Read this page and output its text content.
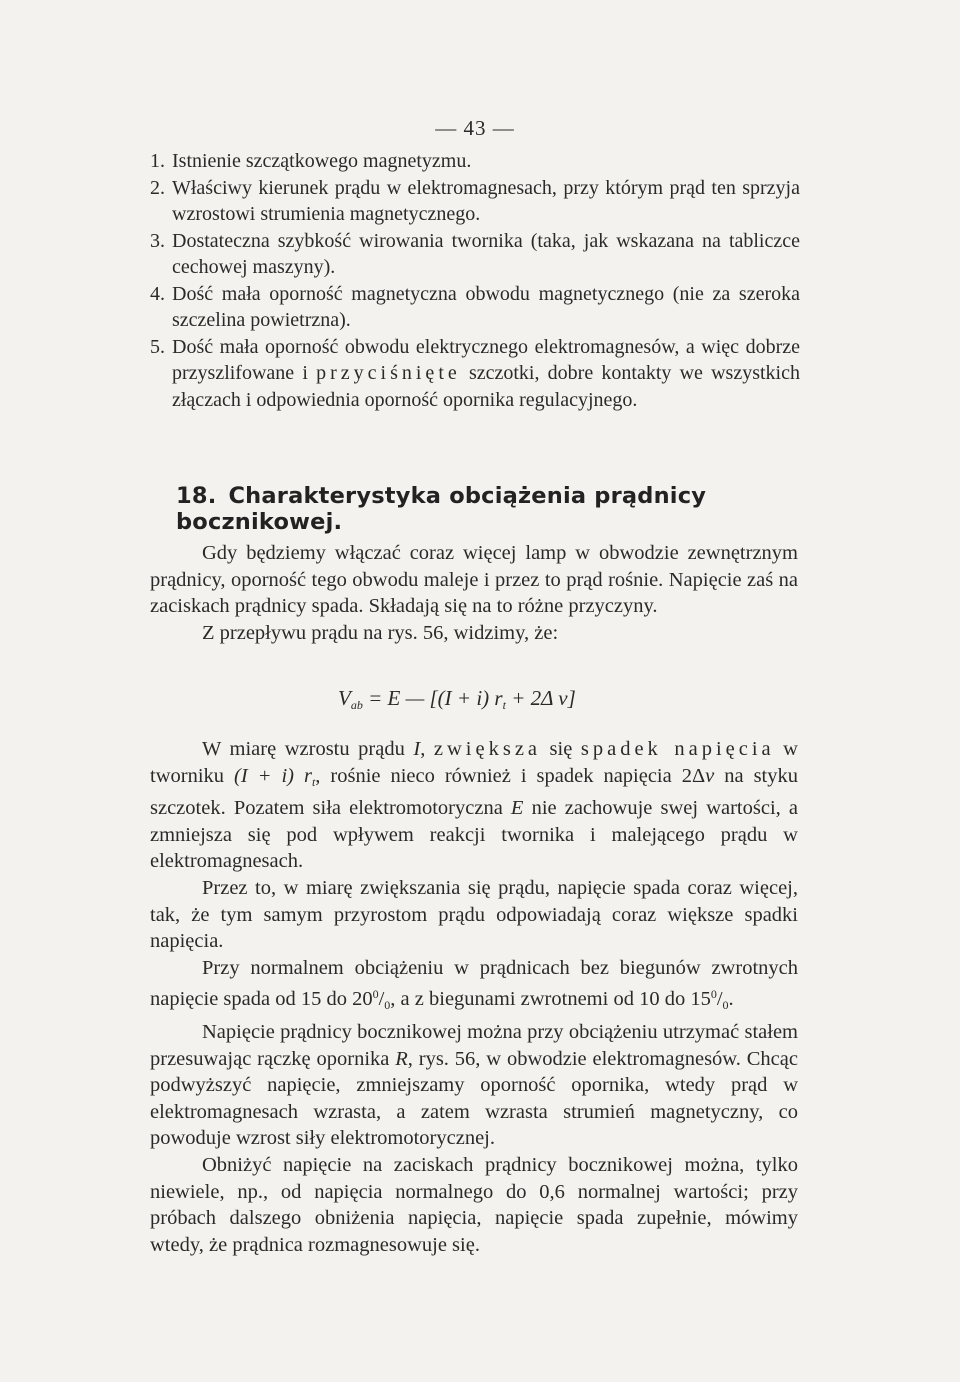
— 43 —
1. Istnienie szczątkowego magnetyzmu.
2. Właściwy kierunek prądu w elektromagnesach, przy którym prąd ten sprzyja wzrostowi strumienia magnetycznego.
3. Dostateczna szybkość wirowania twornika (taka, jak wskazana na tabliczce cechowej maszyny).
4. Dość mała oporność magnetyczna obwodu magnetycznego (nie za szeroka szczelina powietrzna).
5. Dość mała oporność obwodu elektrycznego elektromagnesów, a więc dobrze przyszlifowane i przyciśnięte szczotki, dobre kontakty we wszystkich złączach i odpowiednia oporność opornika regulacyjnego.
18. Charakterystyka obciążenia prądnicy bocznikowej.

Gdy będziemy włączać coraz więcej lamp w obwodzie zewnętrznym prądnicy, oporność tego obwodu maleje i przez to prąd rośnie. Napięcie zaś na zaciskach prądnicy spada. Składają się na to różne przyczyny.

Z przepływu prądu na rys. 56, widzimy, że:

$V_{ab} = E$ — [(I + i) $r_t + 2\Delta$ v]

W miarę wzrostu prądu I, zwiększa się spadek napięcia w tworniku (I + i) $r_t$, rośnie nieco również i spadek napięcia 2Δv na styku szczotek. Pozatem siła elektromotoryczna E nie zachowuje swej wartości, a zmniejsza się pod wpływem reakcji twornika i malejącego prądu w elektromagnesach.

Przez to, w miarę zwiększania się prądu, napięcie spada coraz więcej, tak, że tym samym przyrostom prądu odpowiadają coraz większe spadki napięcia.

Przy normalnem obciążeniu w prądnicach bez biegunów zwrotnych napięcie spada od 15 do $20^0/_0$, a z biegunami zwrotnemi od 10 do $15^0/_0$.

Napięcie prądnicy bocznikowej można przy obciążeniu utrzymać stałem przesuwając rączkę opornika R, rys. 56, w obwodzie elektromagnesów. Chcąc podwyższyć napięcie, zmniejszamy oporność opornika, wtedy prąd w elektromagnesach wzrasta, a zatem wzrasta strumień magnetyczny, co powoduje wzrost siły elektromotorycznej.

Obniżyć napięcie na zaciskach prądnicy bocznikowej można, tylko niewiele, np., od napięcia normalnego do 0,6 normalnej wartości; przy próbach dalszego obniżenia napięcia, napięcie spada zupełnie, mówimy wtedy, że prądnica rozmagnesowuje się.
